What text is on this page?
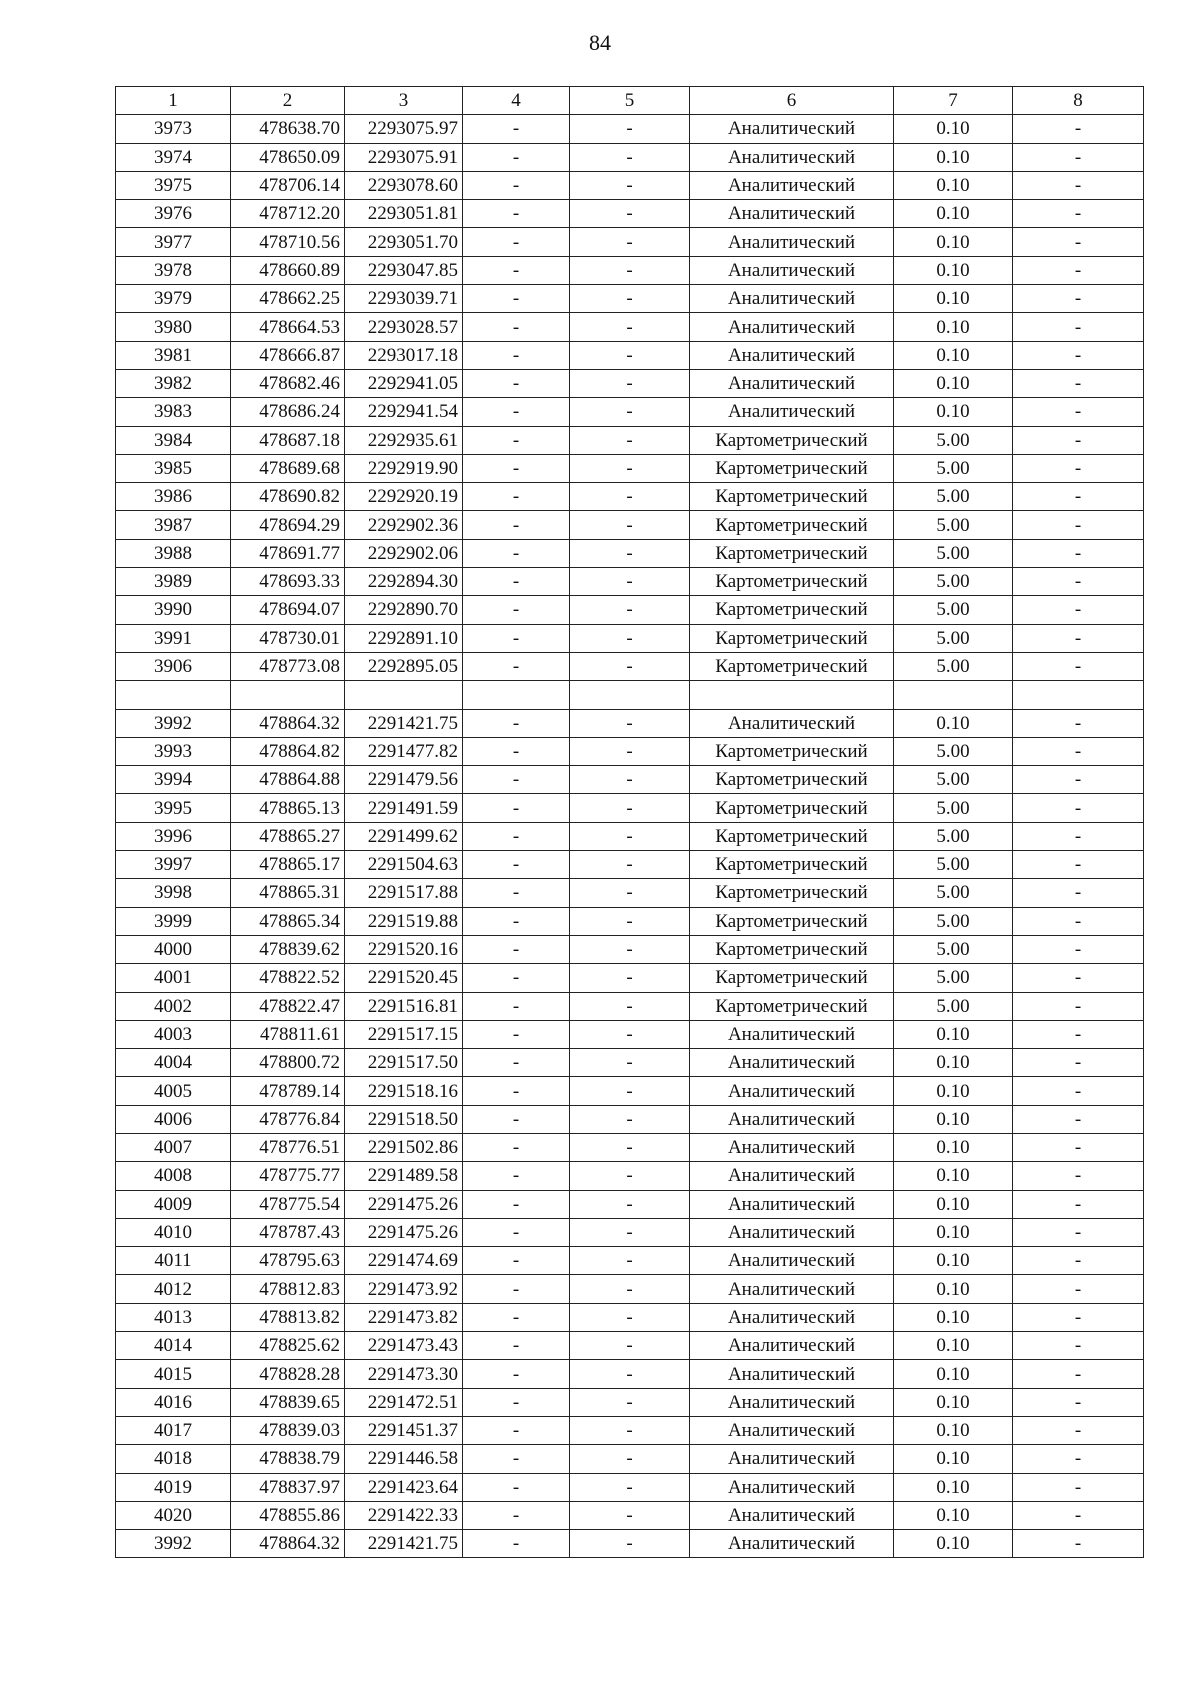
84
1	2	3	4	5	6	7	8
3973	478638.70	2293075.97	-	-	Аналитический	0.10	-
3974	478650.09	2293075.91	-	-	Аналитический	0.10	-
3975	478706.14	2293078.60	-	-	Аналитический	0.10	-
3976	478712.20	2293051.81	-	-	Аналитический	0.10	-
3977	478710.56	2293051.70	-	-	Аналитический	0.10	-
3978	478660.89	2293047.85	-	-	Аналитический	0.10	-
3979	478662.25	2293039.71	-	-	Аналитический	0.10	-
3980	478664.53	2293028.57	-	-	Аналитический	0.10	-
3981	478666.87	2293017.18	-	-	Аналитический	0.10	-
3982	478682.46	2292941.05	-	-	Аналитический	0.10	-
3983	478686.24	2292941.54	-	-	Аналитический	0.10	-
3984	478687.18	2292935.61	-	-	Картометрический	5.00	-
3985	478689.68	2292919.90	-	-	Картометрический	5.00	-
3986	478690.82	2292920.19	-	-	Картометрический	5.00	-
3987	478694.29	2292902.36	-	-	Картометрический	5.00	-
3988	478691.77	2292902.06	-	-	Картометрический	5.00	-
3989	478693.33	2292894.30	-	-	Картометрический	5.00	-
3990	478694.07	2292890.70	-	-	Картометрический	5.00	-
3991	478730.01	2292891.10	-	-	Картометрический	5.00	-
3906	478773.08	2292895.05	-	-	Картометрический	5.00	-

3992	478864.32	2291421.75	-	-	Аналитический	0.10	-
3993	478864.82	2291477.82	-	-	Картометрический	5.00	-
3994	478864.88	2291479.56	-	-	Картометрический	5.00	-
3995	478865.13	2291491.59	-	-	Картометрический	5.00	-
3996	478865.27	2291499.62	-	-	Картометрический	5.00	-
3997	478865.17	2291504.63	-	-	Картометрический	5.00	-
3998	478865.31	2291517.88	-	-	Картометрический	5.00	-
3999	478865.34	2291519.88	-	-	Картометрический	5.00	-
4000	478839.62	2291520.16	-	-	Картометрический	5.00	-
4001	478822.52	2291520.45	-	-	Картометрический	5.00	-
4002	478822.47	2291516.81	-	-	Картометрический	5.00	-
4003	478811.61	2291517.15	-	-	Аналитический	0.10	-
4004	478800.72	2291517.50	-	-	Аналитический	0.10	-
4005	478789.14	2291518.16	-	-	Аналитический	0.10	-
4006	478776.84	2291518.50	-	-	Аналитический	0.10	-
4007	478776.51	2291502.86	-	-	Аналитический	0.10	-
4008	478775.77	2291489.58	-	-	Аналитический	0.10	-
4009	478775.54	2291475.26	-	-	Аналитический	0.10	-
4010	478787.43	2291475.26	-	-	Аналитический	0.10	-
4011	478795.63	2291474.69	-	-	Аналитический	0.10	-
4012	478812.83	2291473.92	-	-	Аналитический	0.10	-
4013	478813.82	2291473.82	-	-	Аналитический	0.10	-
4014	478825.62	2291473.43	-	-	Аналитический	0.10	-
4015	478828.28	2291473.30	-	-	Аналитический	0.10	-
4016	478839.65	2291472.51	-	-	Аналитический	0.10	-
4017	478839.03	2291451.37	-	-	Аналитический	0.10	-
4018	478838.79	2291446.58	-	-	Аналитический	0.10	-
4019	478837.97	2291423.64	-	-	Аналитический	0.10	-
4020	478855.86	2291422.33	-	-	Аналитический	0.10	-
3992	478864.32	2291421.75	-	-	Аналитический	0.10	-
